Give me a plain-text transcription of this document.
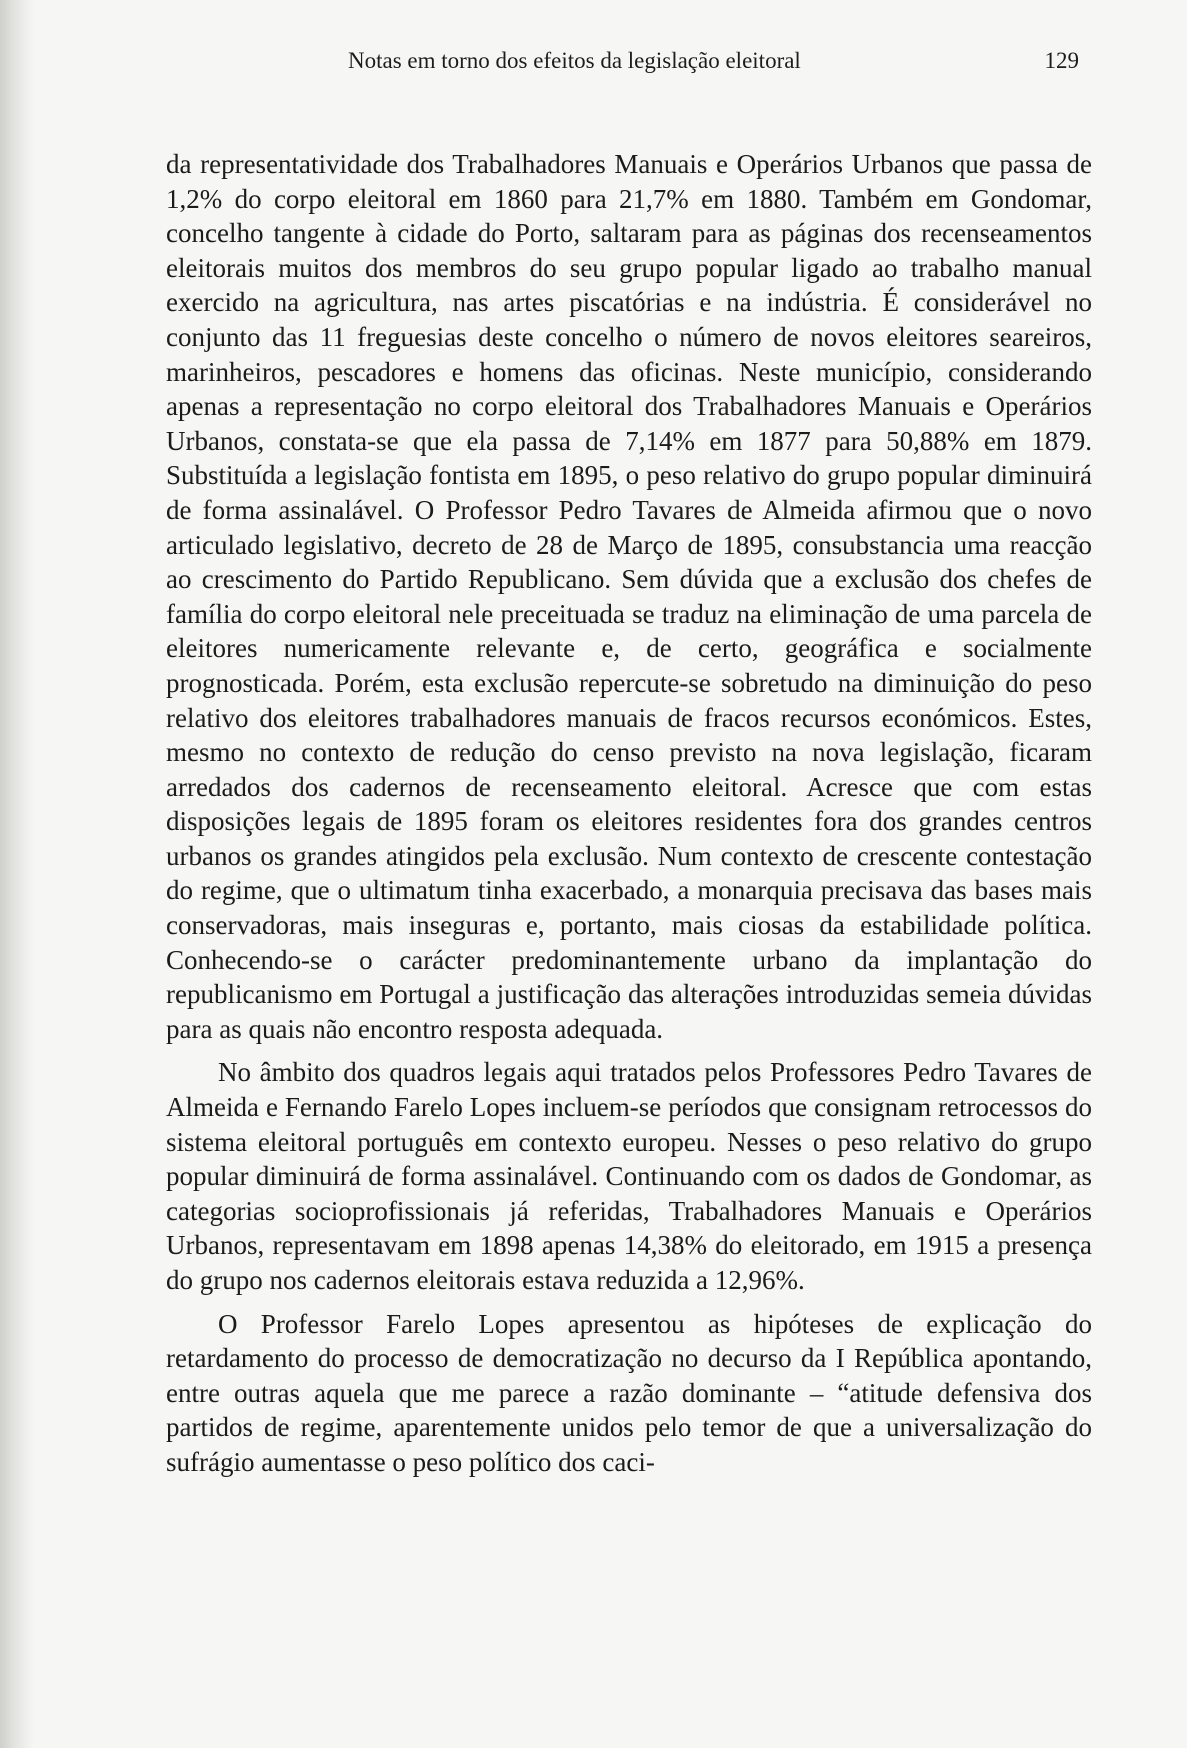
Notas em torno dos efeitos da legislação eleitoral	129

da representatividade dos Trabalhadores Manuais e Operários Urbanos que passa de 1,2% do corpo eleitoral em 1860 para 21,7% em 1880. Também em Gondomar, concelho tangente à cidade do Porto, saltaram para as páginas dos recenseamentos eleitorais muitos dos membros do seu grupo popular ligado ao trabalho manual exercido na agricultura, nas artes piscatórias e na indústria. É considerável no conjunto das 11 freguesias deste concelho o número de novos eleitores seareiros, marinheiros, pescadores e homens das oficinas. Neste município, considerando apenas a representação no corpo eleitoral dos Trabalhadores Manuais e Operários Urbanos, constata-se que ela passa de 7,14% em 1877 para 50,88% em 1879. Substituída a legislação fontista em 1895, o peso relativo do grupo popular diminuirá de forma assinalável. O Professor Pedro Tavares de Almeida afirmou que o novo articulado legislativo, decreto de 28 de Março de 1895, consubstancia uma reacção ao crescimento do Partido Republicano. Sem dúvida que a exclusão dos chefes de família do corpo eleitoral nele preceituada se traduz na eliminação de uma parcela de eleitores numericamente relevante e, de certo, geográfica e socialmente prognosticada. Porém, esta exclusão repercute-se sobretudo na diminuição do peso relativo dos eleitores trabalhadores manuais de fracos recursos económicos. Estes, mesmo no contexto de redução do censo previsto na nova legislação, ficaram arredados dos cadernos de recenseamento eleitoral. Acresce que com estas disposições legais de 1895 foram os eleitores residentes fora dos grandes centros urbanos os grandes atingidos pela exclusão. Num contexto de crescente contestação do regime, que o ultimatum tinha exacerbado, a monarquia precisava das bases mais conservadoras, mais inseguras e, portanto, mais ciosas da estabilidade política. Conhecendo-se o carácter predominantemente urbano da implantação do republicanismo em Portugal a justificação das alterações introduzidas semeia dúvidas para as quais não encontro resposta adequada.

No âmbito dos quadros legais aqui tratados pelos Professores Pedro Tavares de Almeida e Fernando Farelo Lopes incluem-se períodos que consignam retrocessos do sistema eleitoral português em contexto europeu. Nesses o peso relativo do grupo popular diminuirá de forma assinalável. Continuando com os dados de Gondomar, as categorias socioprofissionais já referidas, Trabalhadores Manuais e Operários Urbanos, representavam em 1898 apenas 14,38% do eleitorado, em 1915 a presença do grupo nos cadernos eleitorais estava reduzida a 12,96%.

O Professor Farelo Lopes apresentou as hipóteses de explicação do retardamento do processo de democratização no decurso da I República apontando, entre outras aquela que me parece a razão dominante – “atitude defensiva dos partidos de regime, aparentemente unidos pelo temor de que a universalização do sufrágio aumentasse o peso político dos caci-
